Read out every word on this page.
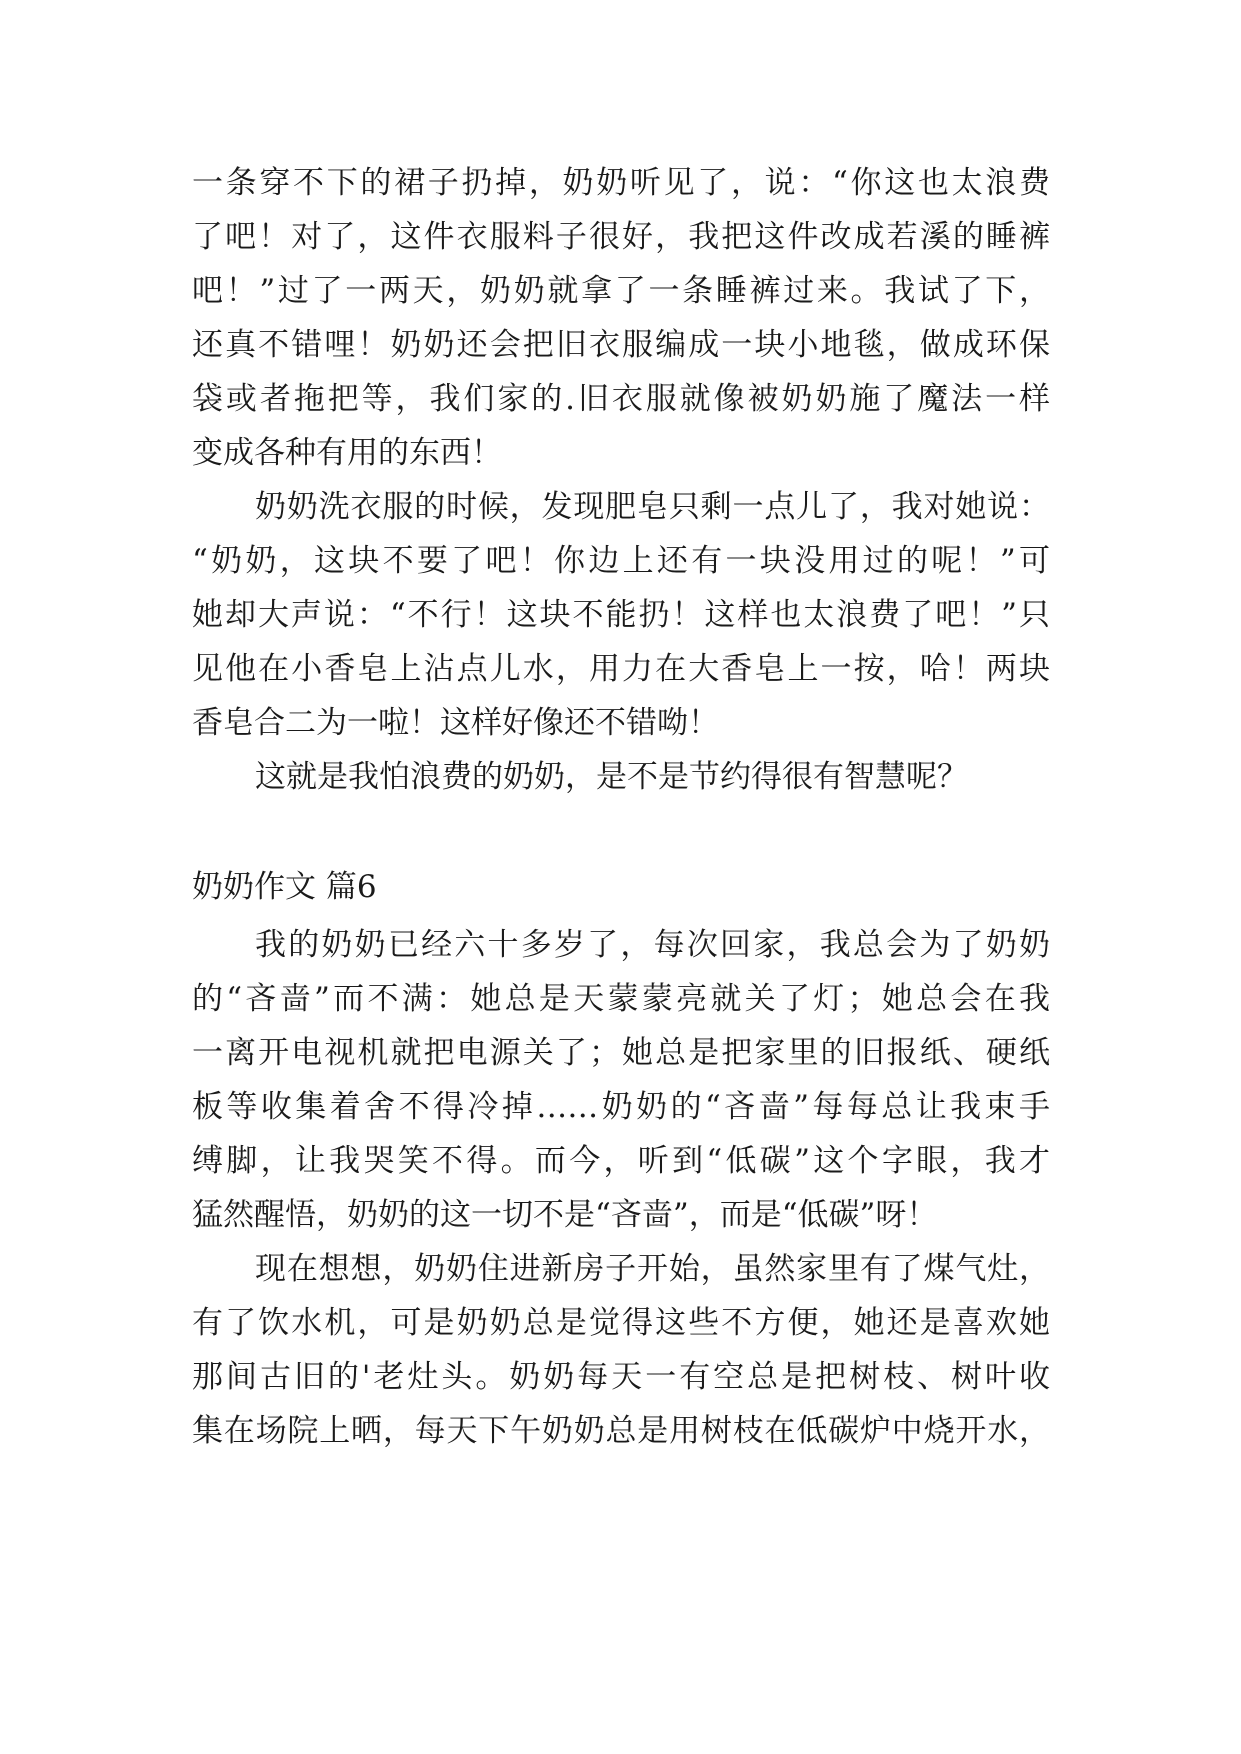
一条穿不下的裙子扔掉，奶奶听见了，说：“你这也太浪费
了吧！对了，这件衣服料子很好，我把这件改成若溪的睡裤
吧！”过了一两天，奶奶就拿了一条睡裤过来。我试了下，
还真不错哩！奶奶还会把旧衣服编成一块小地毯，做成环保
袋或者拖把等，我们家的.旧衣服就像被奶奶施了魔法一样
变成各种有用的东西！
奶奶洗衣服的时候，发现肥皂只剩一点儿了，我对她说：
“奶奶，这块不要了吧！你边上还有一块没用过的呢！”可
她却大声说：“不行！这块不能扔！这样也太浪费了吧！”只
见他在小香皂上沾点儿水，用力在大香皂上一按，哈！两块
香皂合二为一啦！这样好像还不错呦！
这就是我怕浪费的奶奶，是不是节约得很有智慧呢？
奶奶作文 篇6
我的奶奶已经六十多岁了，每次回家，我总会为了奶奶
的“吝啬”而不满：她总是天蒙蒙亮就关了灯；她总会在我
一离开电视机就把电源关了；她总是把家里的旧报纸、硬纸
板等收集着舍不得冷掉……奶奶的“吝啬”每每总让我束手
缚脚，让我哭笑不得。而今，听到“低碳”这个字眼，我才
猛然醒悟，奶奶的这一切不是“吝啬”，而是“低碳”呀！
现在想想，奶奶住进新房子开始，虽然家里有了煤气灶，
有了饮水机，可是奶奶总是觉得这些不方便，她还是喜欢她
那间古旧的'老灶头。奶奶每天一有空总是把树枝、树叶收
集在场院上晒，每天下午奶奶总是用树枝在低碳炉中烧开水，
